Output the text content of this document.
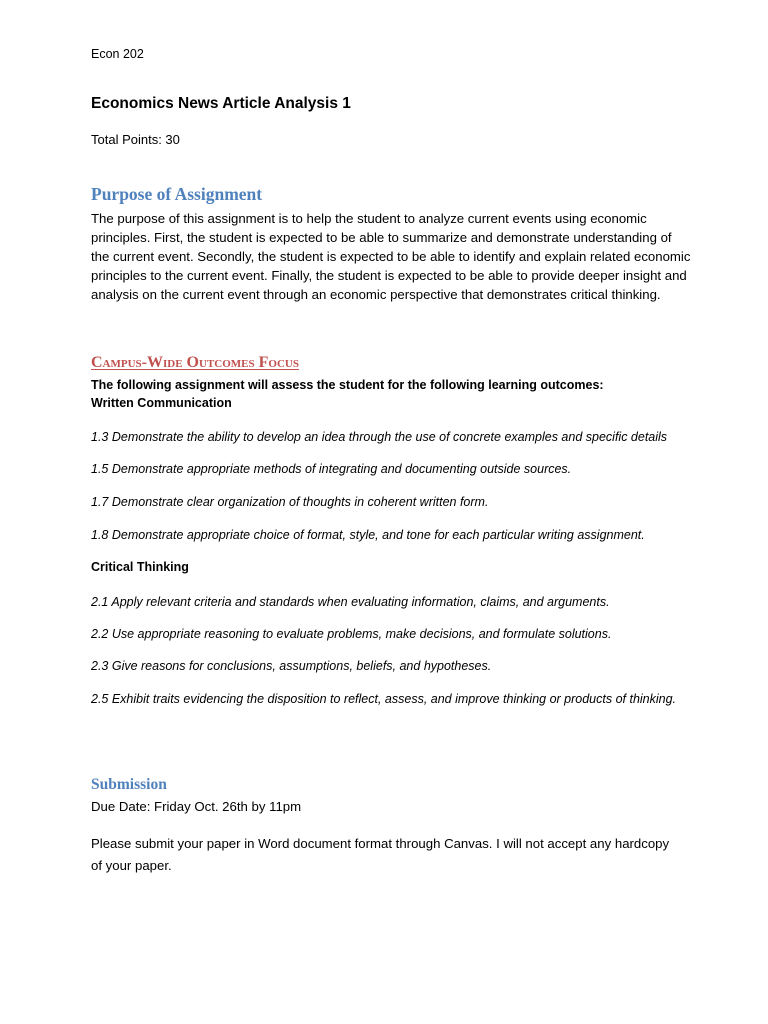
Econ 202

Economics News Article Analysis 1

Total Points: 30

Purpose of Assignment

The purpose of this assignment is to help the student to analyze current events using economic principles. First, the student is expected to be able to summarize and demonstrate understanding of the current event. Secondly, the student is expected to be able to identify and explain related economic principles to the current event. Finally, the student is expected to be able to provide deeper insight and analysis on the current event through an economic perspective that demonstrates critical thinking.

Campus-Wide Outcomes Focus

The following assignment will assess the student for the following learning outcomes:

Written Communication

1.3 Demonstrate the ability to develop an idea through the use of concrete examples and specific details

1.5 Demonstrate appropriate methods of integrating and documenting outside sources.

1.7 Demonstrate clear organization of thoughts in coherent written form.

1.8 Demonstrate appropriate choice of format, style, and tone for each particular writing assignment.

Critical Thinking

2.1 Apply relevant criteria and standards when evaluating information, claims, and arguments.

2.2 Use appropriate reasoning to evaluate problems, make decisions, and formulate solutions.

2.3 Give reasons for conclusions, assumptions, beliefs, and hypotheses.

2.5 Exhibit traits evidencing the disposition to reflect, assess, and improve thinking or products of thinking.

Submission

Due Date: Friday Oct. 26th by 11pm

Please submit your paper in Word document format through Canvas. I will not accept any hardcopy of your paper.
